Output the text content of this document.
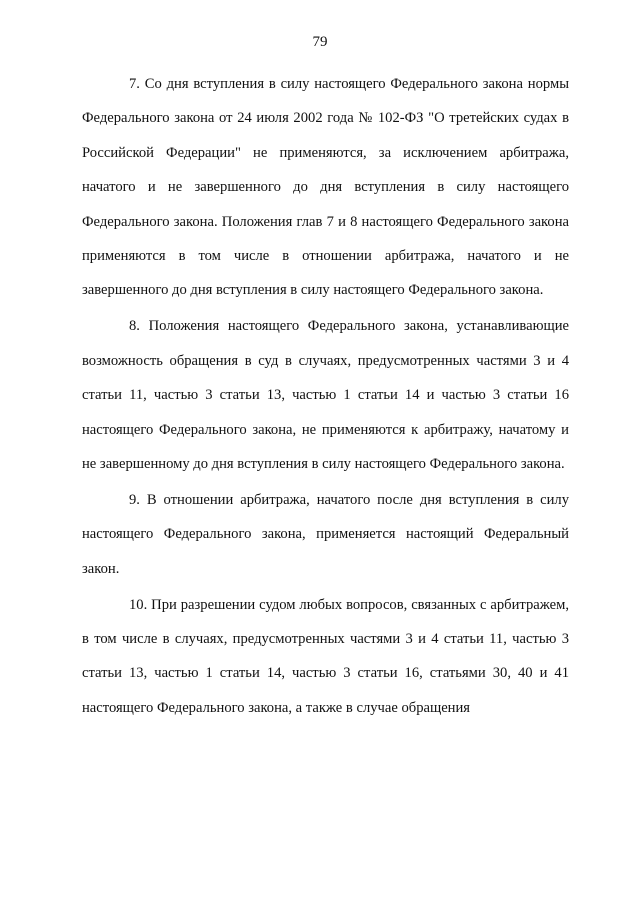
79

7. Со дня вступления в силу настоящего Федерального закона нормы Федерального закона от 24 июля 2002 года № 102-ФЗ "О третейских судах в Российской Федерации" не применяются, за исключением арбитража, начатого и не завершенного до дня вступления в силу настоящего Федерального закона. Положения глав 7 и 8 настоящего Федерального закона применяются в том числе в отношении арбитража, начатого и не завершенного до дня вступления в силу настоящего Федерального закона.

8. Положения настоящего Федерального закона, устанавливающие возможность обращения в суд в случаях, предусмотренных частями 3 и 4 статьи 11, частью 3 статьи 13, частью 1 статьи 14 и частью 3 статьи 16 настоящего Федерального закона, не применяются к арбитражу, начатому и не завершенному до дня вступления в силу настоящего Федерального закона.

9. В отношении арбитража, начатого после дня вступления в силу настоящего Федерального закона, применяется настоящий Федеральный закон.

10. При разрешении судом любых вопросов, связанных с арбитражем, в том числе в случаях, предусмотренных частями 3 и 4 статьи 11, частью 3 статьи 13, частью 1 статьи 14, частью 3 статьи 16, статьями 30, 40 и 41 настоящего Федерального закона, а также в случае обращения
